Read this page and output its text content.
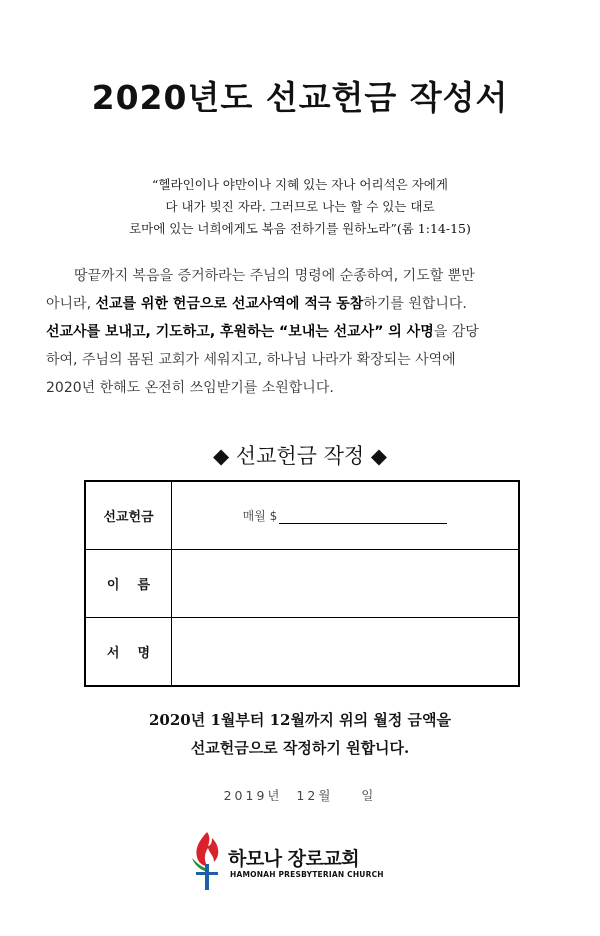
2020년도 선교헌금 작성서
“헬라인이나 야만이나 지혜 있는 자나 어리석은 자에게
다 내가 빚진 자라. 그러므로 나는 할 수 있는 대로
로마에 있는 너희에게도 복음 전하기를 원하노라”(롬 1:14-15)

땅끝까지 복음을 증거하라는 주님의 명령에 순종하여, 기도할 뿐만

아니라, 선교를 위한 헌금으로 선교사역에 적극 동참하기를 원합니다.

선교사를 보내고, 기도하고, 후원하는 “보내는 선교사” 의 사명을 감당

하여, 주님의 몸된 교회가 세워지고, 하나님 나라가 확장되는 사역에

2020년 한해도 온전히 쓰임받기를 소원합니다.

◆ 선교헌금 작정 ◆
선교헌금	매월 $

이    름	
서    명	
2020년 1월부터 12월까지 위의 월정 금액을
선교헌금으로 작정하기 원합니다.
2019년  12월    일
하모나 장로교회
HAMONAH PRESBYTERIAN CHURCH
